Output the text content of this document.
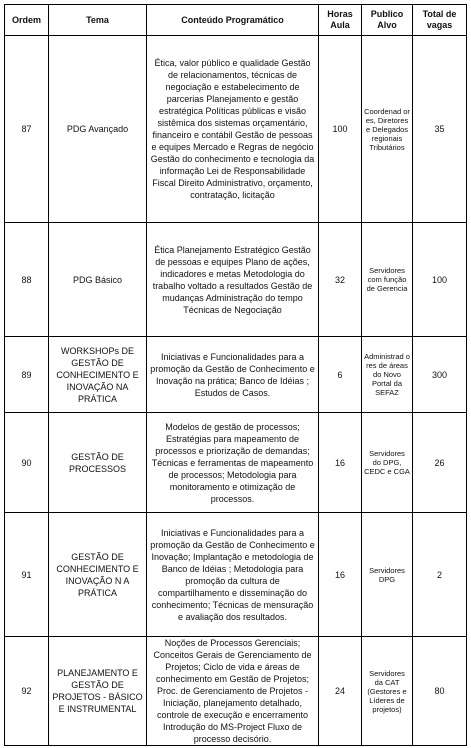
Ordem	Tema	Conteúdo Programático	Horas Aula	Publico Alvo	Total de vagas
87	PDG Avançado	Ética, valor público e qualidade Gestão de relacionamentos, técnicas de negociação e estabelecimento de parcerias Planejamento e gestão estratégica Políticas públicas e visão sistêmica dos sistemas orçamentário, financeiro e contábil Gestão de pessoas e equipes Mercado e Regras de negócio Gestão do conhecimento e tecnologia da informação Lei de Responsabilidade Fiscal Direito Administrativo, orçamento, contratação, licitação	100	Coordenad or es, Diretores e Delegados regionais Tributários	35
88	PDG Básico	Ética Planejamento Estratégico Gestão de pessoas e equipes Plano de ações, indicadores e metas Metodologia do trabalho voltado a resultados Gestão de mudanças Administração do tempo Técnicas de Negociação	32	Servidores com função de Gerencia	100
89	WORKSHOPs DE GESTÃO DE CONHECIMENTO E INOVAÇÃO NA PRÁTICA	Iniciativas e Funcionalidades para a promoção da Gestão de Conhecimento e Inovação na prática; Banco de Idéias ; Estudos de Casos.	6	Administrad o res de áreas do Novo Portal da SEFAZ	300
90	GESTÃO DE PROCESSOS	Modelos de gestão de processos; Estratégias para mapeamento de processos e priorização de demandas; Técnicas e ferramentas de mapeamento de processos; Metodologia para monitoramento e otimização de processos.	16	Servidores do DPG, CEDC e CGA	26
91	GESTÃO DE CONHECIMENTO E INOVAÇÃO N A PRÁTICA	Iniciativas e Funcionalidades para a promoção da Gestão de Conhecimento e Inovação; Implantação e metodologia de Banco de Idéias ; Metodologia para promoção da cultura de compartilhamento e disseminação do conhecimento; Técnicas de mensuração e avaliação dos resultados.	16	Servidores DPG	2
92	PLANEJAMENTO E GESTÃO DE PROJETOS - BÁSICO E INSTRUMENTAL	Noções de Processos Gerenciais; Conceitos Gerais de Gerenciamento de Projetos; Ciclo de vida e áreas de conhecimento em Gestão de Projetos; Proc. de Gerenciamento de Projetos - Iniciação, planejamento detalhado, controle de execução e encerramento Introdução do MS-Project Fluxo de processo decisório.	24	Servidores da CAT (Gestores e Líderes de projetos)	80
